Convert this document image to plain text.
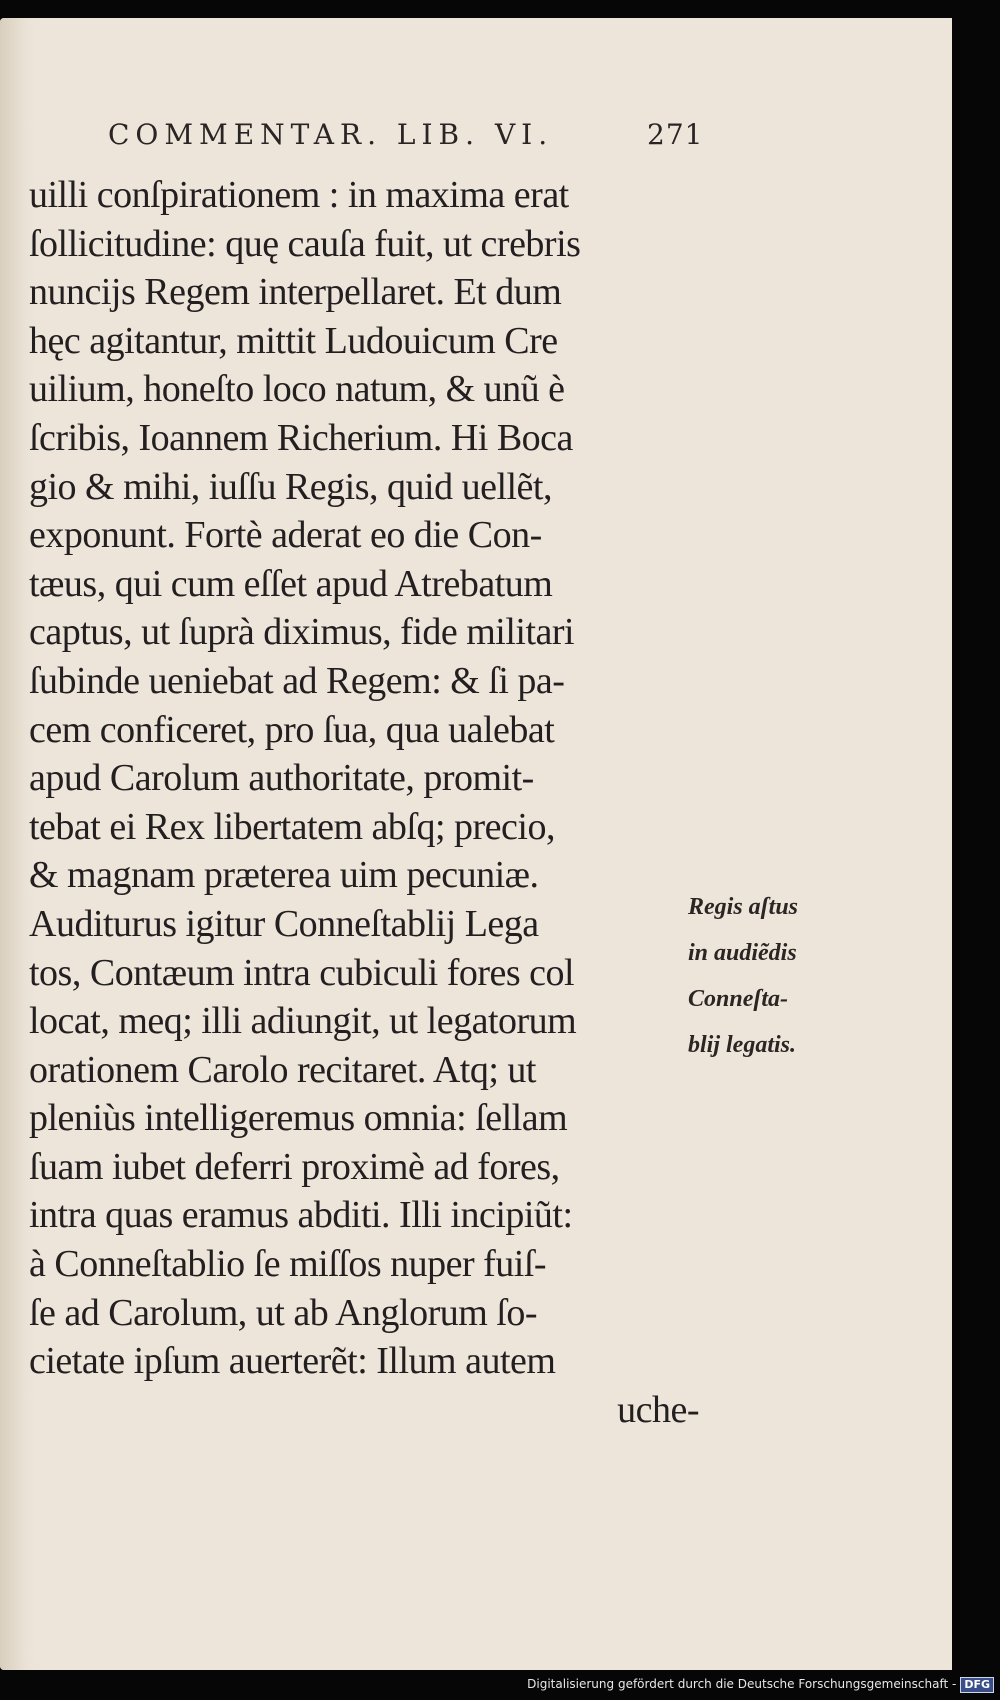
COMMENTAR. LIB. VI.	271
uilli conſpirationem : in maxima erat
ſollicitudine: quę cauſa fuit, ut crebris
nuncijs Regem interpellaret. Et dum
hęc agitantur, mittit Ludouicum Cre
uilium, honeſto loco natum, & unũ è
ſcribis, Ioannem Richerium. Hi Boca
gio & mihi, iuſſu Regis, quid uellẽt,
exponunt. Fortè aderat eo die Con-
tæus, qui cum eſſet apud Atrebatum
captus, ut ſuprà diximus, fide militari
ſubinde ueniebat ad Regem: & ſi pa-
cem conficeret, pro ſua, qua ualebat
apud Carolum authoritate, promit-
tebat ei Rex libertatem abſq; precio,
& magnam præterea uim pecuniæ.
Auditurus igitur Conneſtablij Lega
tos, Contæum intra cubiculi fores col
locat, meq; illi adiungit, ut legatorum
orationem Carolo recitaret. Atq; ut
pleniùs intelligeremus omnia: ſellam
ſuam iubet deferri proximè ad fores,
intra quas eramus abditi. Illi incipiũt:
à Conneſtablio ſe miſſos nuper fuiſ-
ſe ad Carolum, ut ab Anglorum ſo-
cietate ipſum auerterẽt: Illum autem
uche-
Regis aſtus
in audiẽdis
Conneſta-
blij legatis.
Digitalisierung gefördert durch die Deutsche Forschungsgemeinschaft - DFG
